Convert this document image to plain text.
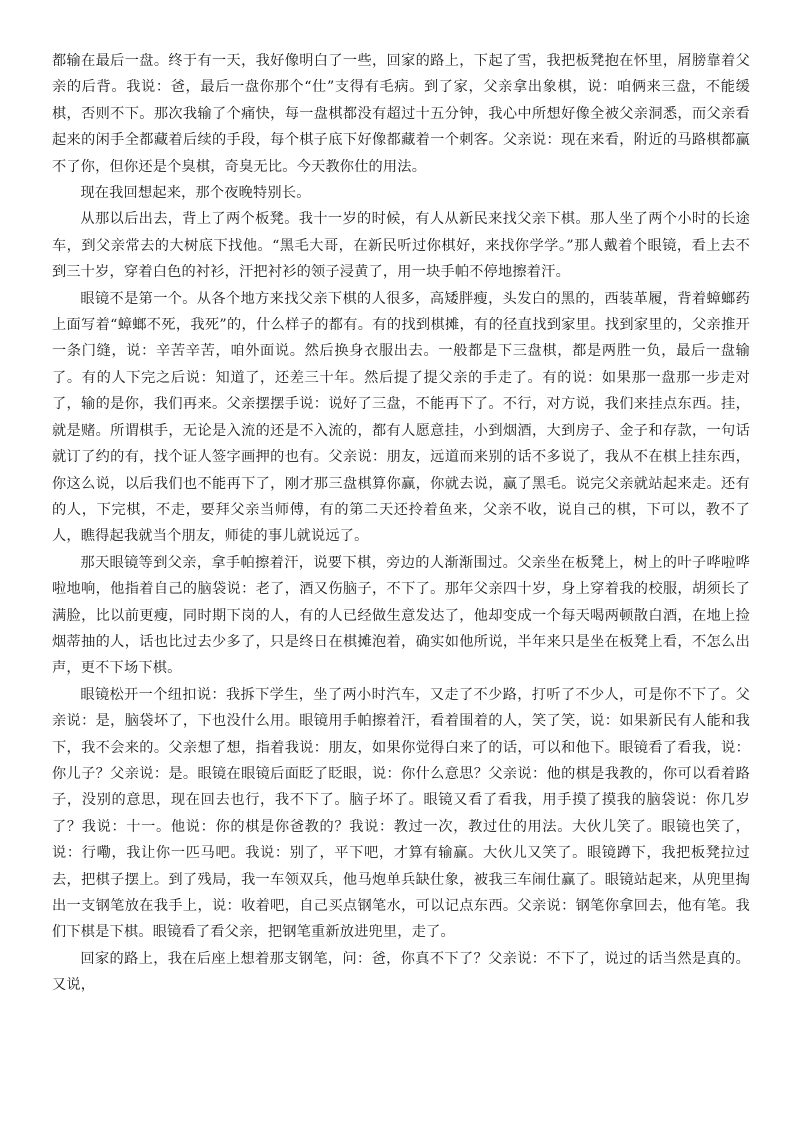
都输在最后一盘。终于有一天，我好像明白了一些，回家的路上，下起了雪，我把板凳抱在怀里，屑膀靠着父亲的后背。我说：爸，最后一盘你那个“仕”支得有毛病。到了家，父亲拿出象棋，说：咱俩来三盘，不能缓棋，否则不下。那次我输了个痛快，每一盘棋都没有超过十五分钟，我心中所想好像全被父亲洞悉，而父亲看起来的闲手全都藏着后续的手段，每个棋子底下好像都藏着一个刺客。父亲说：现在来看，附近的马路棋都赢不了你，但你还是个臭棋，奇臭无比。今天教你仕的用法。

现在我回想起来，那个夜晚特别长。

从那以后出去，背上了两个板凳。我十一岁的时候，有人从新民来找父亲下棋。那人坐了两个小时的长途车，到父亲常去的大树底下找他。“黑毛大哥，在新民听过你棋好，来找你学学。”那人戴着个眼镜，看上去不到三十岁，穿着白色的衬衫，汗把衬衫的领子浸黄了，用一块手帕不停地擦着汗。

眼镜不是第一个。从各个地方来找父亲下棋的人很多，高矮胖瘦，头发白的黑的，西装革履，背着蟑螂药上面写着“蟑螂不死，我死”的，什么样子的都有。有的找到棋摊，有的径直找到家里。找到家里的，父亲推开一条门缝，说：辛苦辛苦，咱外面说。然后换身衣服出去。一般都是下三盘棋，都是两胜一负，最后一盘输了。有的人下完之后说：知道了，还差三十年。然后提了提父亲的手走了。有的说：如果那一盘那一步走对了，输的是你，我们再来。父亲摆摆手说：说好了三盘，不能再下了。不行，对方说，我们来挂点东西。挂，就是赌。所谓棋手，无论是入流的还是不入流的，都有人愿意挂，小到烟酒，大到房子、金子和存款，一句话就订了约的有，找个证人签字画押的也有。父亲说：朋友，远道而来别的话不多说了，我从不在棋上挂东西，你这么说，以后我们也不能再下了，刚才那三盘棋算你赢，你就去说，赢了黑毛。说完父亲就站起来走。还有的人，下完棋，不走，要拜父亲当师傅，有的第二天还拎着鱼来，父亲不收，说自己的棋，下可以，教不了人，瞧得起我就当个朋友，师徒的事儿就说远了。

那天眼镜等到父亲，拿手帕擦着汗，说要下棋，旁边的人渐渐围过。父亲坐在板凳上，树上的叶子哗啦哗啦地响，他指着自己的脑袋说：老了，酒又伤脑子，不下了。那年父亲四十岁，身上穿着我的校服，胡须长了满脸，比以前更瘦，同时期下岗的人，有的人已经做生意发达了，他却变成一个每天喝两顿散白酒，在地上捡烟蒂抽的人，话也比过去少多了，只是终日在棋摊泡着，确实如他所说，半年来只是坐在板凳上看，不怎么出声，更不下场下棋。

眼镜松开一个纽扣说：我拆下学生，坐了两小时汽车，又走了不少路，打听了不少人，可是你不下了。父亲说：是，脑袋坏了，下也没什么用。眼镜用手帕擦着汗，看着围着的人，笑了笑，说：如果新民有人能和我下，我不会来的。父亲想了想，指着我说：朋友，如果你觉得白来了的话，可以和他下。眼镜看了看我，说：你儿子？父亲说：是。眼镜在眼镜后面眨了眨眼，说：你什么意思？父亲说：他的棋是我教的，你可以看着路子，没别的意思，现在回去也行，我不下了。脑子坏了。眼镜又看了看我，用手摸了摸我的脑袋说：你几岁了？我说：十一。他说：你的棋是你爸教的？我说：教过一次，教过仕的用法。大伙儿笑了。眼镜也笑了，说：行嘞，我让你一匹马吧。我说：别了，平下吧，才算有输赢。大伙儿又笑了。眼镜蹲下，我把板凳拉过去，把棋子摆上。到了残局，我一车领双兵，他马炮单兵缺仕象，被我三车闹仕赢了。眼镜站起来，从兜里掏出一支钢笔放在我手上，说：收着吧，自己买点钢笔水，可以记点东西。父亲说：钢笔你拿回去，他有笔。我们下棋是下棋。眼镜看了看父亲，把钢笔重新放进兜里，走了。

回家的路上，我在后座上想着那支钢笔，问：爸，你真不下了？父亲说：不下了，说过的话当然是真的。又说，
